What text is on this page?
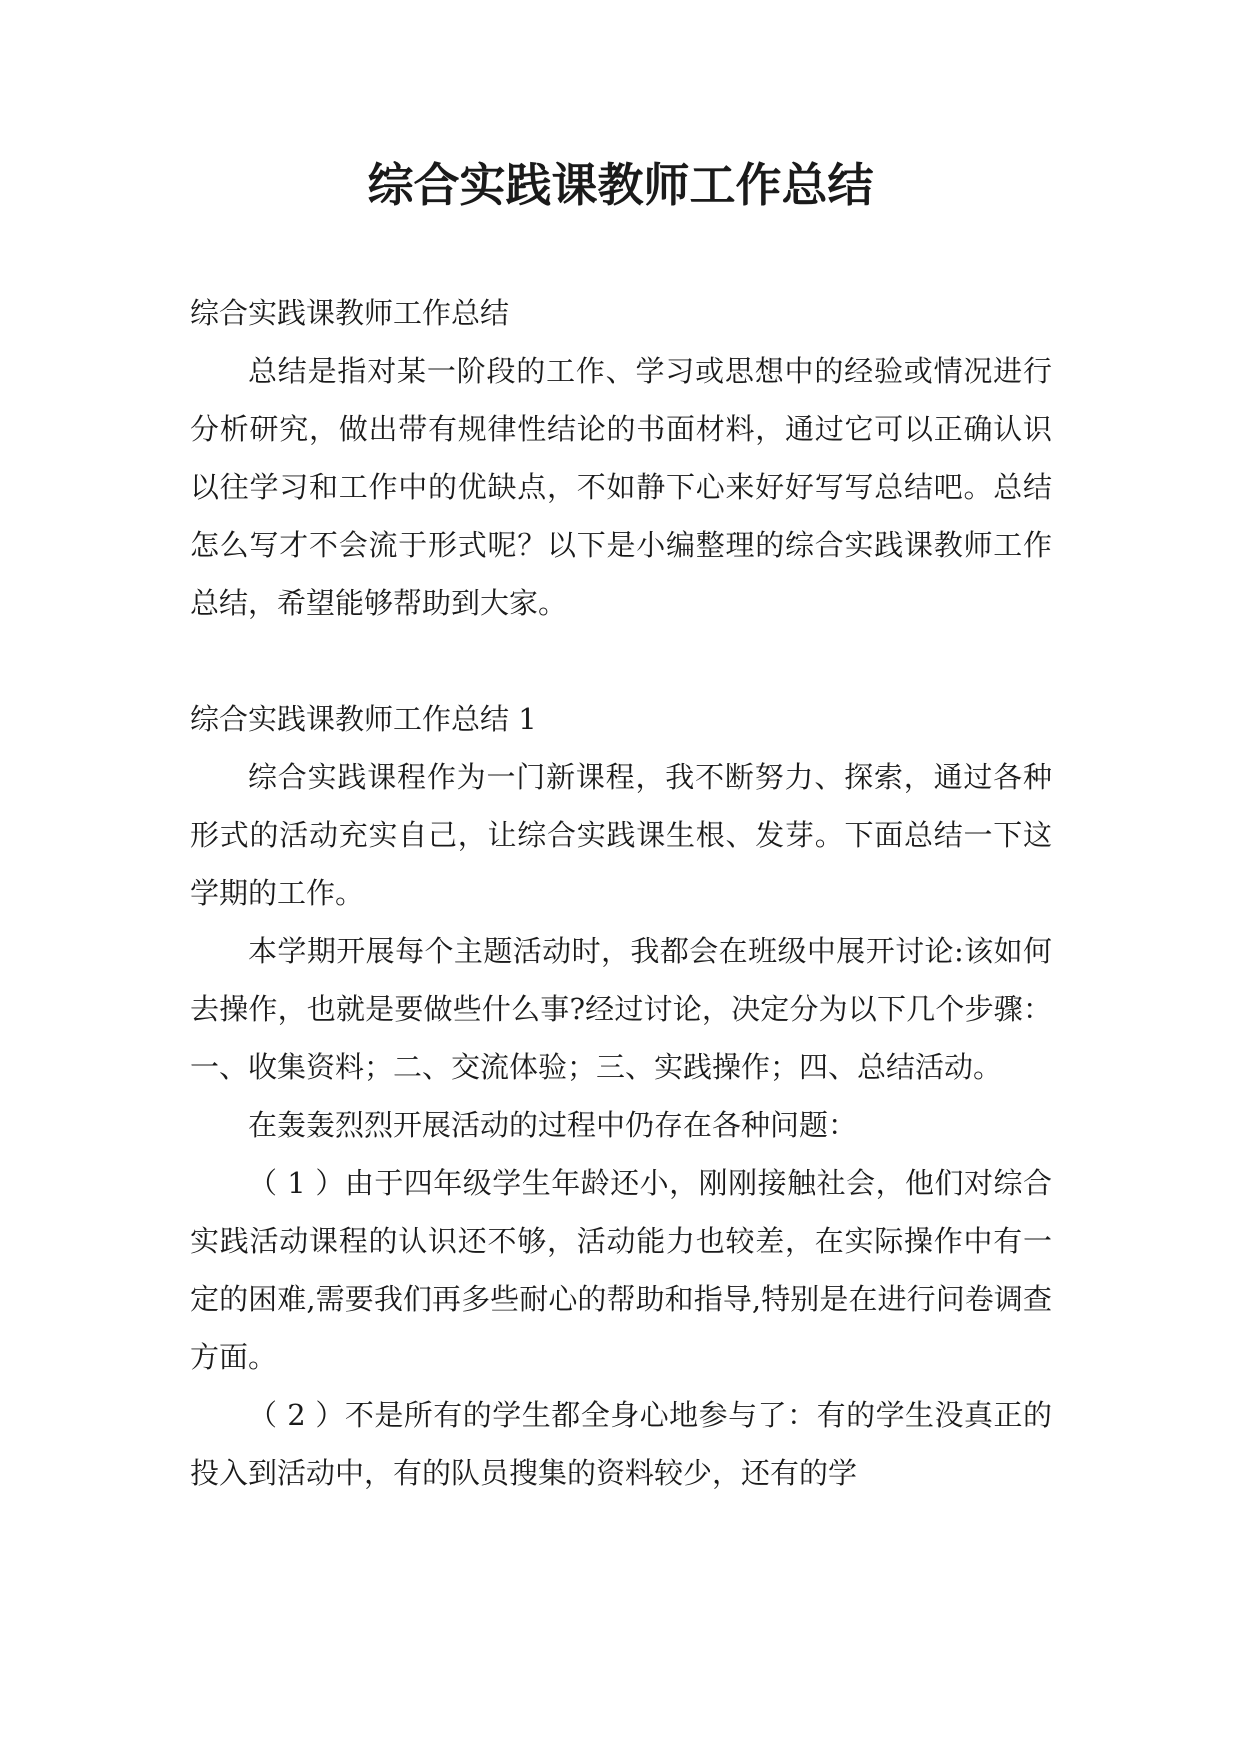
综合实践课教师工作总结

综合实践课教师工作总结

总结是指对某一阶段的工作、学习或思想中的经验或情况进行分析研究，做出带有规律性结论的书面材料，通过它可以正确认识以往学习和工作中的优缺点，不如静下心来好好写写总结吧。总结怎么写才不会流于形式呢？以下是小编整理的综合实践课教师工作总结，希望能够帮助到大家。

综合实践课教师工作总结 1

综合实践课程作为一门新课程，我不断努力、探索，通过各种形式的活动充实自己，让综合实践课生根、发芽。下面总结一下这学期的工作。

本学期开展每个主题活动时，我都会在班级中展开讨论:该如何去操作，也就是要做些什么事?经过讨论，决定分为以下几个步骤：一、收集资料；二、交流体验；三、实践操作；四、总结活动。

在轰轰烈烈开展活动的过程中仍存在各种问题：

（ 1 ）由于四年级学生年龄还小，刚刚接触社会，他们对综合实践活动课程的认识还不够，活动能力也较差，在实际操作中有一定的困难,需要我们再多些耐心的帮助和指导,特别是在进行问卷调查方面。

（ 2 ）不是所有的学生都全身心地参与了：有的学生没真正的投入到活动中，有的队员搜集的资料较少，还有的学
